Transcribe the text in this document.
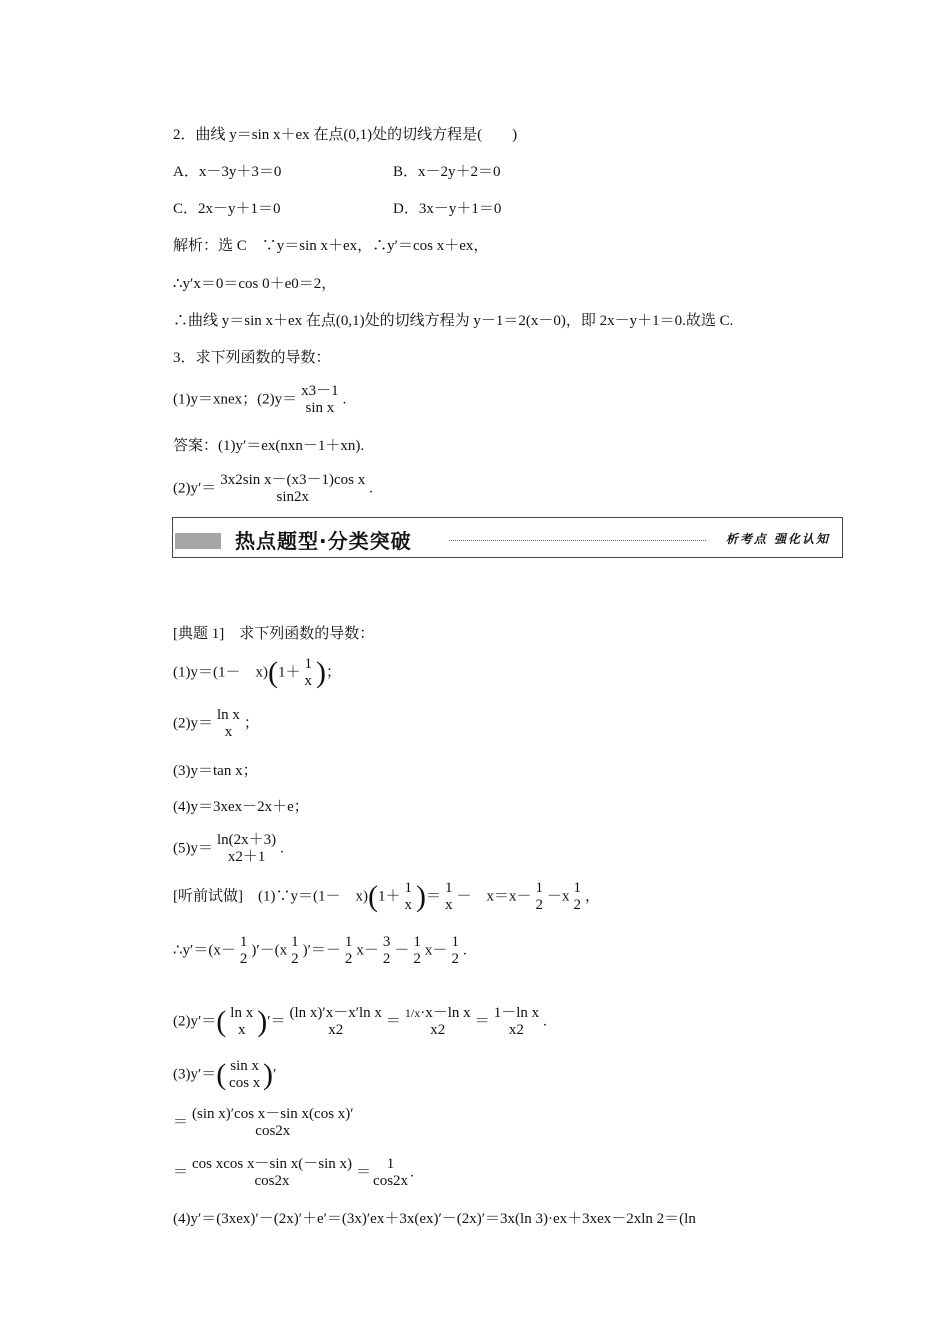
2．曲线 y＝sin x＋ex 在点(0,1)处的切线方程是(　　)
A．x－3y＋3＝0	B．x－2y＋2＝0
C．2x－y＋1＝0	D．3x－y＋1＝0
解析：选 C　∵y＝sin x＋ex，∴y′＝cos x＋ex，
∴y′x＝0＝cos 0＋e0＝2，
∴曲线 y＝sin x＋ex 在点(0,1)处的切线方程为 y－1＝2(x－0)，即 2x－y＋1＝0.故选 C.
3．求下列函数的导数：
(1)y＝xnex；(2)y＝
x3－1
sin x
.
答案：(1)y′＝ex(nxn－1＋xn).
(2)y′＝
3x2sin x－(x3－1)cos x
sin2x
.
热点题型·分类突破	析考点 强化认知
[典题 1]　求下列函数的导数：
(1)y＝(1－　x)(1＋
1
x )；
(2)y＝
ln x
x
；
(3)y＝tan x；
(4)y＝3xex－2x＋e；
(5)y＝
ln(2x＋3)
x2＋1
.
[听前试做]　(1)∵y＝(1－　x)(1＋
1
x )＝
1
x
－　x＝x－
1
2
－x
1
2
，
∴y′＝(x－
1
2
)′－(x
1
2
)′＝－
1
2
x－
3
2
－
1
2
x－
1
2
.
(2)y′＝( ln x
x )′＝
(ln x)′x－x′ln x
x2
＝
1/x·x－ln x
x2
＝
1－ln x
x2
.
(3)y′＝( sin x
cos x )′
＝
(sin x)′cos x－sin x(cos x)′
cos2x
＝
cos xcos x－sin x(－sin x)
cos2x
＝
1
cos2x
.
(4)y′＝(3xex)′－(2x)′＋e′＝(3x)′ex＋3x(ex)′－(2x)′＝3x(ln 3)·ex＋3xex－2xln 2＝(ln
